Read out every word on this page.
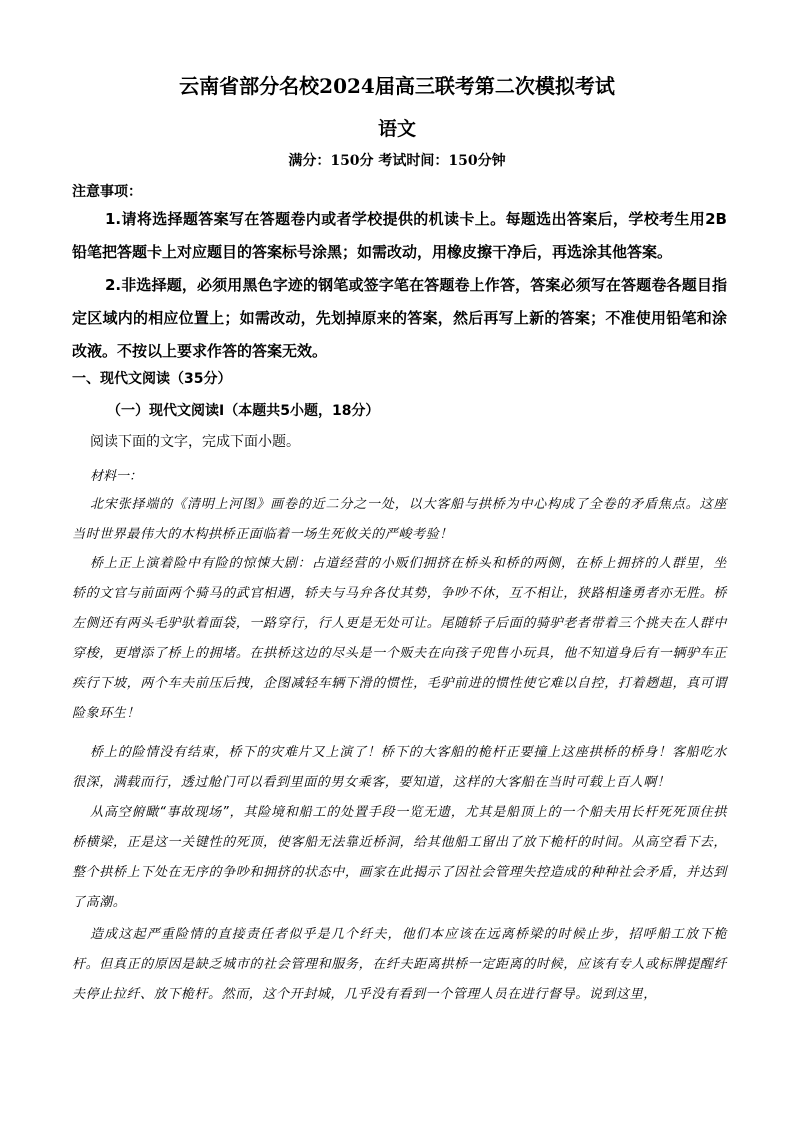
云南省部分名校2024届高三联考第二次模拟考试
语文

满分：150分 考试时间：150分钟

注意事项：

1.请将选择题答案写在答题卷内或者学校提供的机读卡上。每题选出答案后，学校考生用2B铅笔把答题卡上对应题目的答案标号涂黑；如需改动，用橡皮擦干净后，再选涂其他答案。

2.非选择题，必须用黑色字迹的钢笔或签字笔在答题卷上作答，答案必须写在答题卷各题目指定区域内的相应位置上；如需改动，先划掉原来的答案，然后再写上新的答案；不准使用铅笔和涂改液。不按以上要求作答的答案无效。

一、现代文阅读（35分）
（一）现代文阅读Ⅰ（本题共5小题，18分）
阅读下面的文字，完成下面小题。
材料一：

北宋张择端的《清明上河图》画卷的近二分之一处，以大客船与拱桥为中心构成了全卷的矛盾焦点。这座当时世界最伟大的木构拱桥正面临着一场生死攸关的严峻考验！

桥上正上演着险中有险的惊悚大剧：占道经营的小贩们拥挤在桥头和桥的两侧，在桥上拥挤的人群里，坐轿的文官与前面两个骑马的武官相遇，轿夫与马弁各仗其势，争吵不休，互不相让，狭路相逢勇者亦无胜。桥左侧还有两头毛驴驮着面袋，一路穿行，行人更是无处可让。尾随轿子后面的骑驴老者带着三个挑夫在人群中穿梭，更增添了桥上的拥堵。在拱桥这边的尽头是一个贩夫在向孩子兜售小玩具，他不知道身后有一辆驴车正疾行下坡，两个车夫前压后拽，企图减轻车辆下滑的惯性，毛驴前进的惯性使它难以自控，打着趔趄，真可谓险象环生！

桥上的险情没有结束，桥下的灾难片又上演了！桥下的大客船的桅杆正要撞上这座拱桥的桥身！客船吃水很深，满载而行，透过舱门可以看到里面的男女乘客，要知道，这样的大客船在当时可载上百人啊！

从高空俯瞰“事故现场”，其险境和船工的处置手段一览无遗，尤其是船顶上的一个船夫用长杆死死顶住拱桥横梁，正是这一关键性的死顶，使客船无法靠近桥洞，给其他船工留出了放下桅杆的时间。从高空看下去，整个拱桥上下处在无序的争吵和拥挤的状态中，画家在此揭示了因社会管理失控造成的种种社会矛盾，并达到了高潮。

造成这起严重险情的直接责任者似乎是几个纤夫，他们本应该在远离桥梁的时候止步，招呼船工放下桅杆。但真正的原因是缺乏城市的社会管理和服务，在纤夫距离拱桥一定距离的时候，应该有专人或标牌提醒纤夫停止拉纤、放下桅杆。然而，这个开封城，几乎没有看到一个管理人员在进行督导。说到这里，
